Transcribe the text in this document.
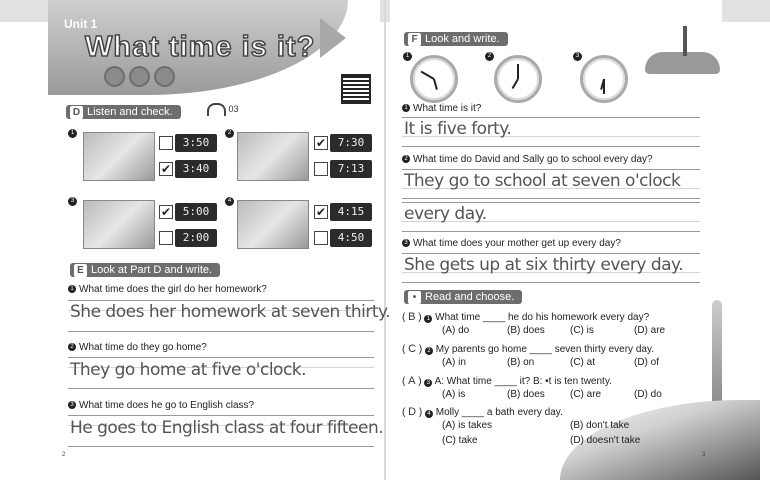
Unit 1
What time is it?
D Listen and check.	03
1
3:50
✔	3:40
2
✔	7:30
7:13
3
✔	5:00
2:00
4
✔	4:15
4:50
E Look at Part D and write.
1 What time does the girl do her homework?
She does her homework at seven thirty.
2 What time do they go home?
They go home at five o'clock.
3 What time does he go to English class?
He goes to English class at four fifteen.
2
F Look and write.
1	2	3
1 What time is it?
It is five forty.
2 What time do David and Sally go to school every day?
They go to school at seven o'clock
every day.
3 What time does your mother get up every day?
She gets up at six thirty every day.
• Read and choose.
( B ) 1 What time ____ he do his homework every day?
(A) do	(B) does	(C) is	(D) are
( C ) 2 My parents go home ____ seven thirty every day.
(A) in	(B) on	(C) at	(D) of
( A ) 3 A: What time ____ it? B: •t is ten twenty.
(A) is	(B) does	(C) are	(D) do
( D ) 4 Molly ____ a bath every day.
(A) is takes	(B) don't take
(C) take	(D) doesn't take
3
